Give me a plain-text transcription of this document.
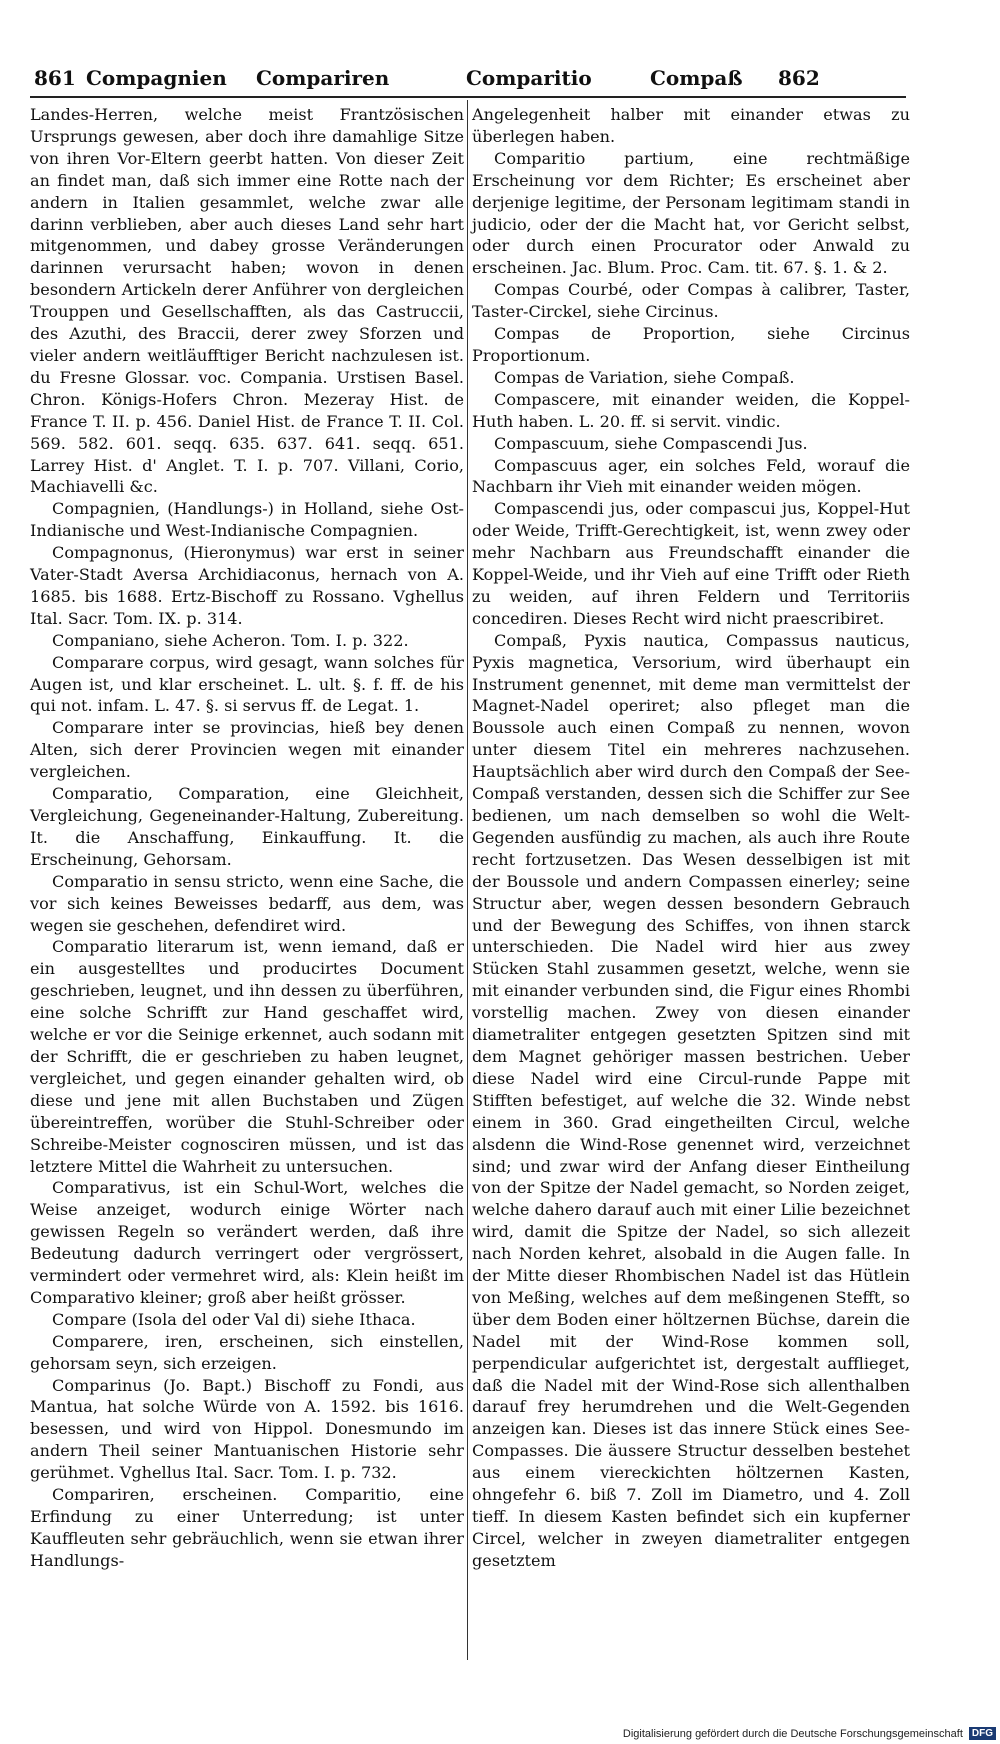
861 Compagnien Compariren	Comparitio	Compaß 862

Landes-Herren, welche meist Frantzösischen Ursprungs gewesen, aber doch ihre damahlige Sitze von ihren Vor-Eltern geerbt hatten. Von dieser Zeit an findet man, daß sich immer eine Rotte nach der andern in Italien gesammlet, welche zwar alle darinn verblieben, aber auch dieses Land sehr hart mitgenommen, und dabey grosse Veränderungen darinnen verursacht haben; wovon in denen besondern Artickeln derer Anführer von dergleichen Trouppen und Gesellschafften, als das Castruccii, des Azuthi, des Braccii, derer zwey Sforzen und vieler andern weitläufftiger Bericht nachzulesen ist. du Fresne Glossar. voc. Compania. Urstisen Basel. Chron. Königs-Hofers Chron. Mezeray Hist. de France T. II. p. 456. Daniel Hist. de France T. II. Col. 569. 582. 601. seqq. 635. 637. 641. seqq. 651. Larrey Hist. d' Anglet. T. I. p. 707. Villani, Corio, Machiavelli &c.

Compagnien, (Handlungs-) in Holland, siehe Ost-Indianische und West-Indianische Compagnien.

Compagnonus, (Hieronymus) war erst in seiner Vater-Stadt Aversa Archidiaconus, hernach von A. 1685. bis 1688. Ertz-Bischoff zu Rossano. Vghellus Ital. Sacr. Tom. IX. p. 314.

Companiano, siehe Acheron. Tom. I. p. 322.

Comparare corpus, wird gesagt, wann solches für Augen ist, und klar erscheinet. L. ult. §. f. ff. de his qui not. infam. L. 47. §. si servus ff. de Legat. 1.

Comparare inter se provincias, hieß bey denen Alten, sich derer Provincien wegen mit einander vergleichen.

Comparatio, Comparation, eine Gleichheit, Vergleichung, Gegeneinander-Haltung, Zubereitung. It. die Anschaffung, Einkauffung. It. die Erscheinung, Gehorsam.

Comparatio in sensu stricto, wenn eine Sache, die vor sich keines Beweisses bedarff, aus dem, was wegen sie geschehen, defendiret wird.

Comparatio literarum ist, wenn iemand, daß er ein ausgestelltes und producirtes Document geschrieben, leugnet, und ihn dessen zu überführen, eine solche Schrifft zur Hand geschaffet wird, welche er vor die Seinige erkennet, auch sodann mit der Schrifft, die er geschrieben zu haben leugnet, vergleichet, und gegen einander gehalten wird, ob diese und jene mit allen Buchstaben und Zügen übereintreffen, worüber die Stuhl-Schreiber oder Schreibe-Meister cognosciren müssen, und ist das letztere Mittel die Wahrheit zu untersuchen.

Comparativus, ist ein Schul-Wort, welches die Weise anzeiget, wodurch einige Wörter nach gewissen Regeln so verändert werden, daß ihre Bedeutung dadurch verringert oder vergrössert, vermindert oder vermehret wird, als: Klein heißt im Comparativo kleiner; groß aber heißt grösser.

Compare (Isola del oder Val di) siehe Ithaca.

Comparere, iren, erscheinen, sich einstellen, gehorsam seyn, sich erzeigen.

Comparinus (Jo. Bapt.) Bischoff zu Fondi, aus Mantua, hat solche Würde von A. 1592. bis 1616. besessen, und wird von Hippol. Donesmundo im andern Theil seiner Mantuanischen Historie sehr gerühmet. Vghellus Ital. Sacr. Tom. I. p. 732.

Compariren, erscheinen. Comparitio, eine Erfindung zu einer Unterredung; ist unter Kauffleuten sehr gebräuchlich, wenn sie etwan ihrer Handlungs-

Angelegenheit halber mit einander etwas zu überlegen haben.

Comparitio partium, eine rechtmäßige Erscheinung vor dem Richter; Es erscheinet aber derjenige legitime, der Personam legitimam standi in judicio, oder der die Macht hat, vor Gericht selbst, oder durch einen Procurator oder Anwald zu erscheinen. Jac. Blum. Proc. Cam. tit. 67. §. 1. & 2.

Compas Courbé, oder Compas à calibrer, Taster, Taster-Circkel, siehe Circinus.

Compas de Proportion, siehe Circinus Proportionum.

Compas de Variation, siehe Compaß.

Compascere, mit einander weiden, die Koppel-Huth haben. L. 20. ff. si servit. vindic.

Compascuum, siehe Compascendi Jus.

Compascuus ager, ein solches Feld, worauf die Nachbarn ihr Vieh mit einander weiden mögen.

Compascendi jus, oder compascui jus, Koppel-Hut oder Weide, Trifft-Gerechtigkeit, ist, wenn zwey oder mehr Nachbarn aus Freundschafft einander die Koppel-Weide, und ihr Vieh auf eine Trifft oder Rieth zu weiden, auf ihren Feldern und Territoriis concediren. Dieses Recht wird nicht praescribiret.

Compaß, Pyxis nautica, Compassus nauticus, Pyxis magnetica, Versorium, wird überhaupt ein Instrument genennet, mit deme man vermittelst der Magnet-Nadel operiret; also pfleget man die Boussole auch einen Compaß zu nennen, wovon unter diesem Titel ein mehreres nachzusehen. Hauptsächlich aber wird durch den Compaß der See-Compaß verstanden, dessen sich die Schiffer zur See bedienen, um nach demselben so wohl die Welt-Gegenden ausfündig zu machen, als auch ihre Route recht fortzusetzen. Das Wesen desselbigen ist mit der Boussole und andern Compassen einerley; seine Structur aber, wegen dessen besondern Gebrauch und der Bewegung des Schiffes, von ihnen starck unterschieden. Die Nadel wird hier aus zwey Stücken Stahl zusammen gesetzt, welche, wenn sie mit einander verbunden sind, die Figur eines Rhombi vorstellig machen. Zwey von diesen einander diametraliter entgegen gesetzten Spitzen sind mit dem Magnet gehöriger massen bestrichen. Ueber diese Nadel wird eine Circul-runde Pappe mit Stifften befestiget, auf welche die 32. Winde nebst einem in 360. Grad eingetheilten Circul, welche alsdenn die Wind-Rose genennet wird, verzeichnet sind; und zwar wird der Anfang dieser Eintheilung von der Spitze der Nadel gemacht, so Norden zeiget, welche dahero darauf auch mit einer Lilie bezeichnet wird, damit die Spitze der Nadel, so sich allezeit nach Norden kehret, alsobald in die Augen falle. In der Mitte dieser Rhombischen Nadel ist das Hütlein von Meßing, welches auf dem meßingenen Stefft, so über dem Boden einer höltzernen Büchse, darein die Nadel mit der Wind-Rose kommen soll, perpendicular aufgerichtet ist, dergestalt aufflieget, daß die Nadel mit der Wind-Rose sich allenthalben darauf frey herumdrehen und die Welt-Gegenden anzeigen kan. Dieses ist das innere Stück eines See-Compasses. Die äussere Structur desselben bestehet aus einem viereckichten höltzernen Kasten, ohngefehr 6. biß 7. Zoll im Diametro, und 4. Zoll tieff. In diesem Kasten befindet sich ein kupferner Circel, welcher in zweyen diametraliter entgegen gesetztem

Digitalisierung gefördert durch die Deutsche Forschungsgemeinschaft DFG
